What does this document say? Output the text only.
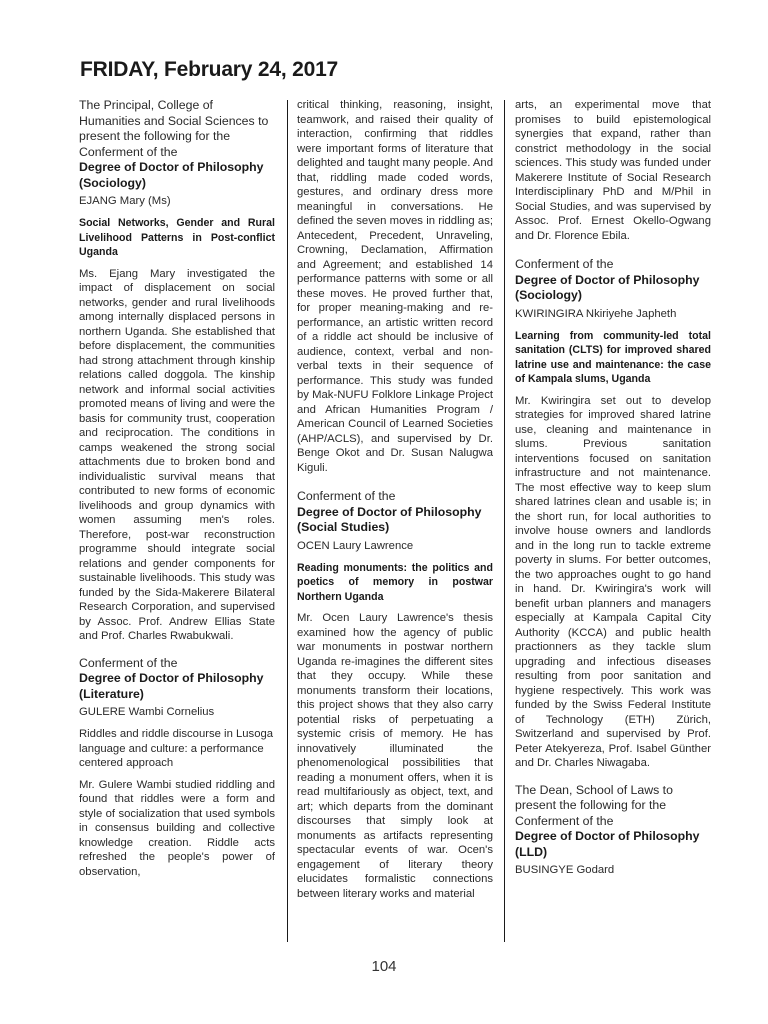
FRIDAY, February 24, 2017

The Principal, College of Humanities and Social Sciences to present the following for the Conferment of the

Degree of Doctor of Philosophy (Sociology)

EJANG Mary (Ms)

Social Networks, Gender and Rural Livelihood Patterns in Post-conflict Uganda

Ms. Ejang Mary investigated the impact of displacement on social networks, gender and rural livelihoods among internally displaced persons in northern Uganda. She established that before displacement, the communities had strong attachment through kinship relations called doggola. The kinship network and informal social activities promoted means of living and were the basis for community trust, cooperation and reciprocation. The conditions in camps weakened the strong social attachments due to broken bond and individualistic survival means that contributed to new forms of economic livelihoods and group dynamics with women assuming men's roles. Therefore, post-war reconstruction programme should integrate social relations and gender components for sustainable livelihoods. This study was funded by the Sida-Makerere Bilateral Research Corporation, and supervised by Assoc. Prof. Andrew Ellias State and Prof. Charles Rwabukwali.

Conferment of the

Degree of Doctor of Philosophy (Literature)

GULERE Wambi Cornelius

Riddles and riddle discourse in Lusoga language and culture: a performance centered approach

Mr. Gulere Wambi studied riddling and found that riddles were a form and style of socialization that used symbols in consensus building and collective knowledge creation. Riddle acts refreshed the people's power of observation,

critical thinking, reasoning, insight, teamwork, and raised their quality of interaction, confirming that riddles were important forms of literature that delighted and taught many people. And that, riddling made coded words, gestures, and ordinary dress more meaningful in conversations. He defined the seven moves in riddling as; Antecedent, Precedent, Unraveling, Crowning, Declamation, Affirmation and Agreement; and established 14 performance patterns with some or all these moves. He proved further that, for proper meaning-making and re-performance, an artistic written record of a riddle act should be inclusive of audience, context, verbal and non-verbal texts in their sequence of performance. This study was funded by Mak-NUFU Folklore Linkage Project and African Humanities Program / American Council of Learned Societies (AHP/ACLS), and supervised by Dr. Benge Okot and Dr. Susan Nalugwa Kiguli.

Conferment of the

Degree of Doctor of Philosophy (Social Studies)

OCEN Laury Lawrence

Reading monuments: the politics and poetics of memory in postwar Northern Uganda

Mr. Ocen Laury Lawrence's thesis examined how the agency of public war monuments in postwar northern Uganda re-imagines the different sites that they occupy. While these monuments transform their locations, this project shows that they also carry potential risks of perpetuating a systemic crisis of memory. He has innovatively illuminated the phenomenological possibilities that reading a monument offers, when it is read multifariously as object, text, and art; which departs from the dominant discourses that simply look at monuments as artifacts representing spectacular events of war. Ocen's engagement of literary theory elucidates formalistic connections between literary works and material

arts, an experimental move that promises to build epistemological synergies that expand, rather than constrict methodology in the social sciences. This study was funded under Makerere Institute of Social Research Interdisciplinary PhD and M/Phil in Social Studies, and was supervised by Assoc. Prof. Ernest Okello-Ogwang and Dr. Florence Ebila.

Conferment of the

Degree of Doctor of Philosophy (Sociology)

KWIRINGIRA Nkiriyehe Japheth

Learning from community-led total sanitation (CLTS) for improved shared latrine use and maintenance: the case of Kampala slums, Uganda

Mr. Kwiringira set out to develop strategies for improved shared latrine use, cleaning and maintenance in slums. Previous sanitation interventions focused on sanitation infrastructure and not maintenance. The most effective way to keep slum shared latrines clean and usable is; in the short run, for local authorities to involve house owners and landlords and in the long run to tackle extreme poverty in slums. For better outcomes, the two approaches ought to go hand in hand. Dr. Kwiringira's work will benefit urban planners and managers especially at Kampala Capital City Authority (KCCA) and public health practionners as they tackle slum upgrading and infectious diseases resulting from poor sanitation and hygiene respectively. This work was funded by the Swiss Federal Institute of Technology (ETH) Zürich, Switzerland and supervised by Prof. Peter Atekyereza, Prof. Isabel Günther and Dr. Charles Niwagaba.

The Dean, School of Laws to present the following for the Conferment of the

Degree of Doctor of Philosophy (LLD)

BUSINGYE Godard

104
